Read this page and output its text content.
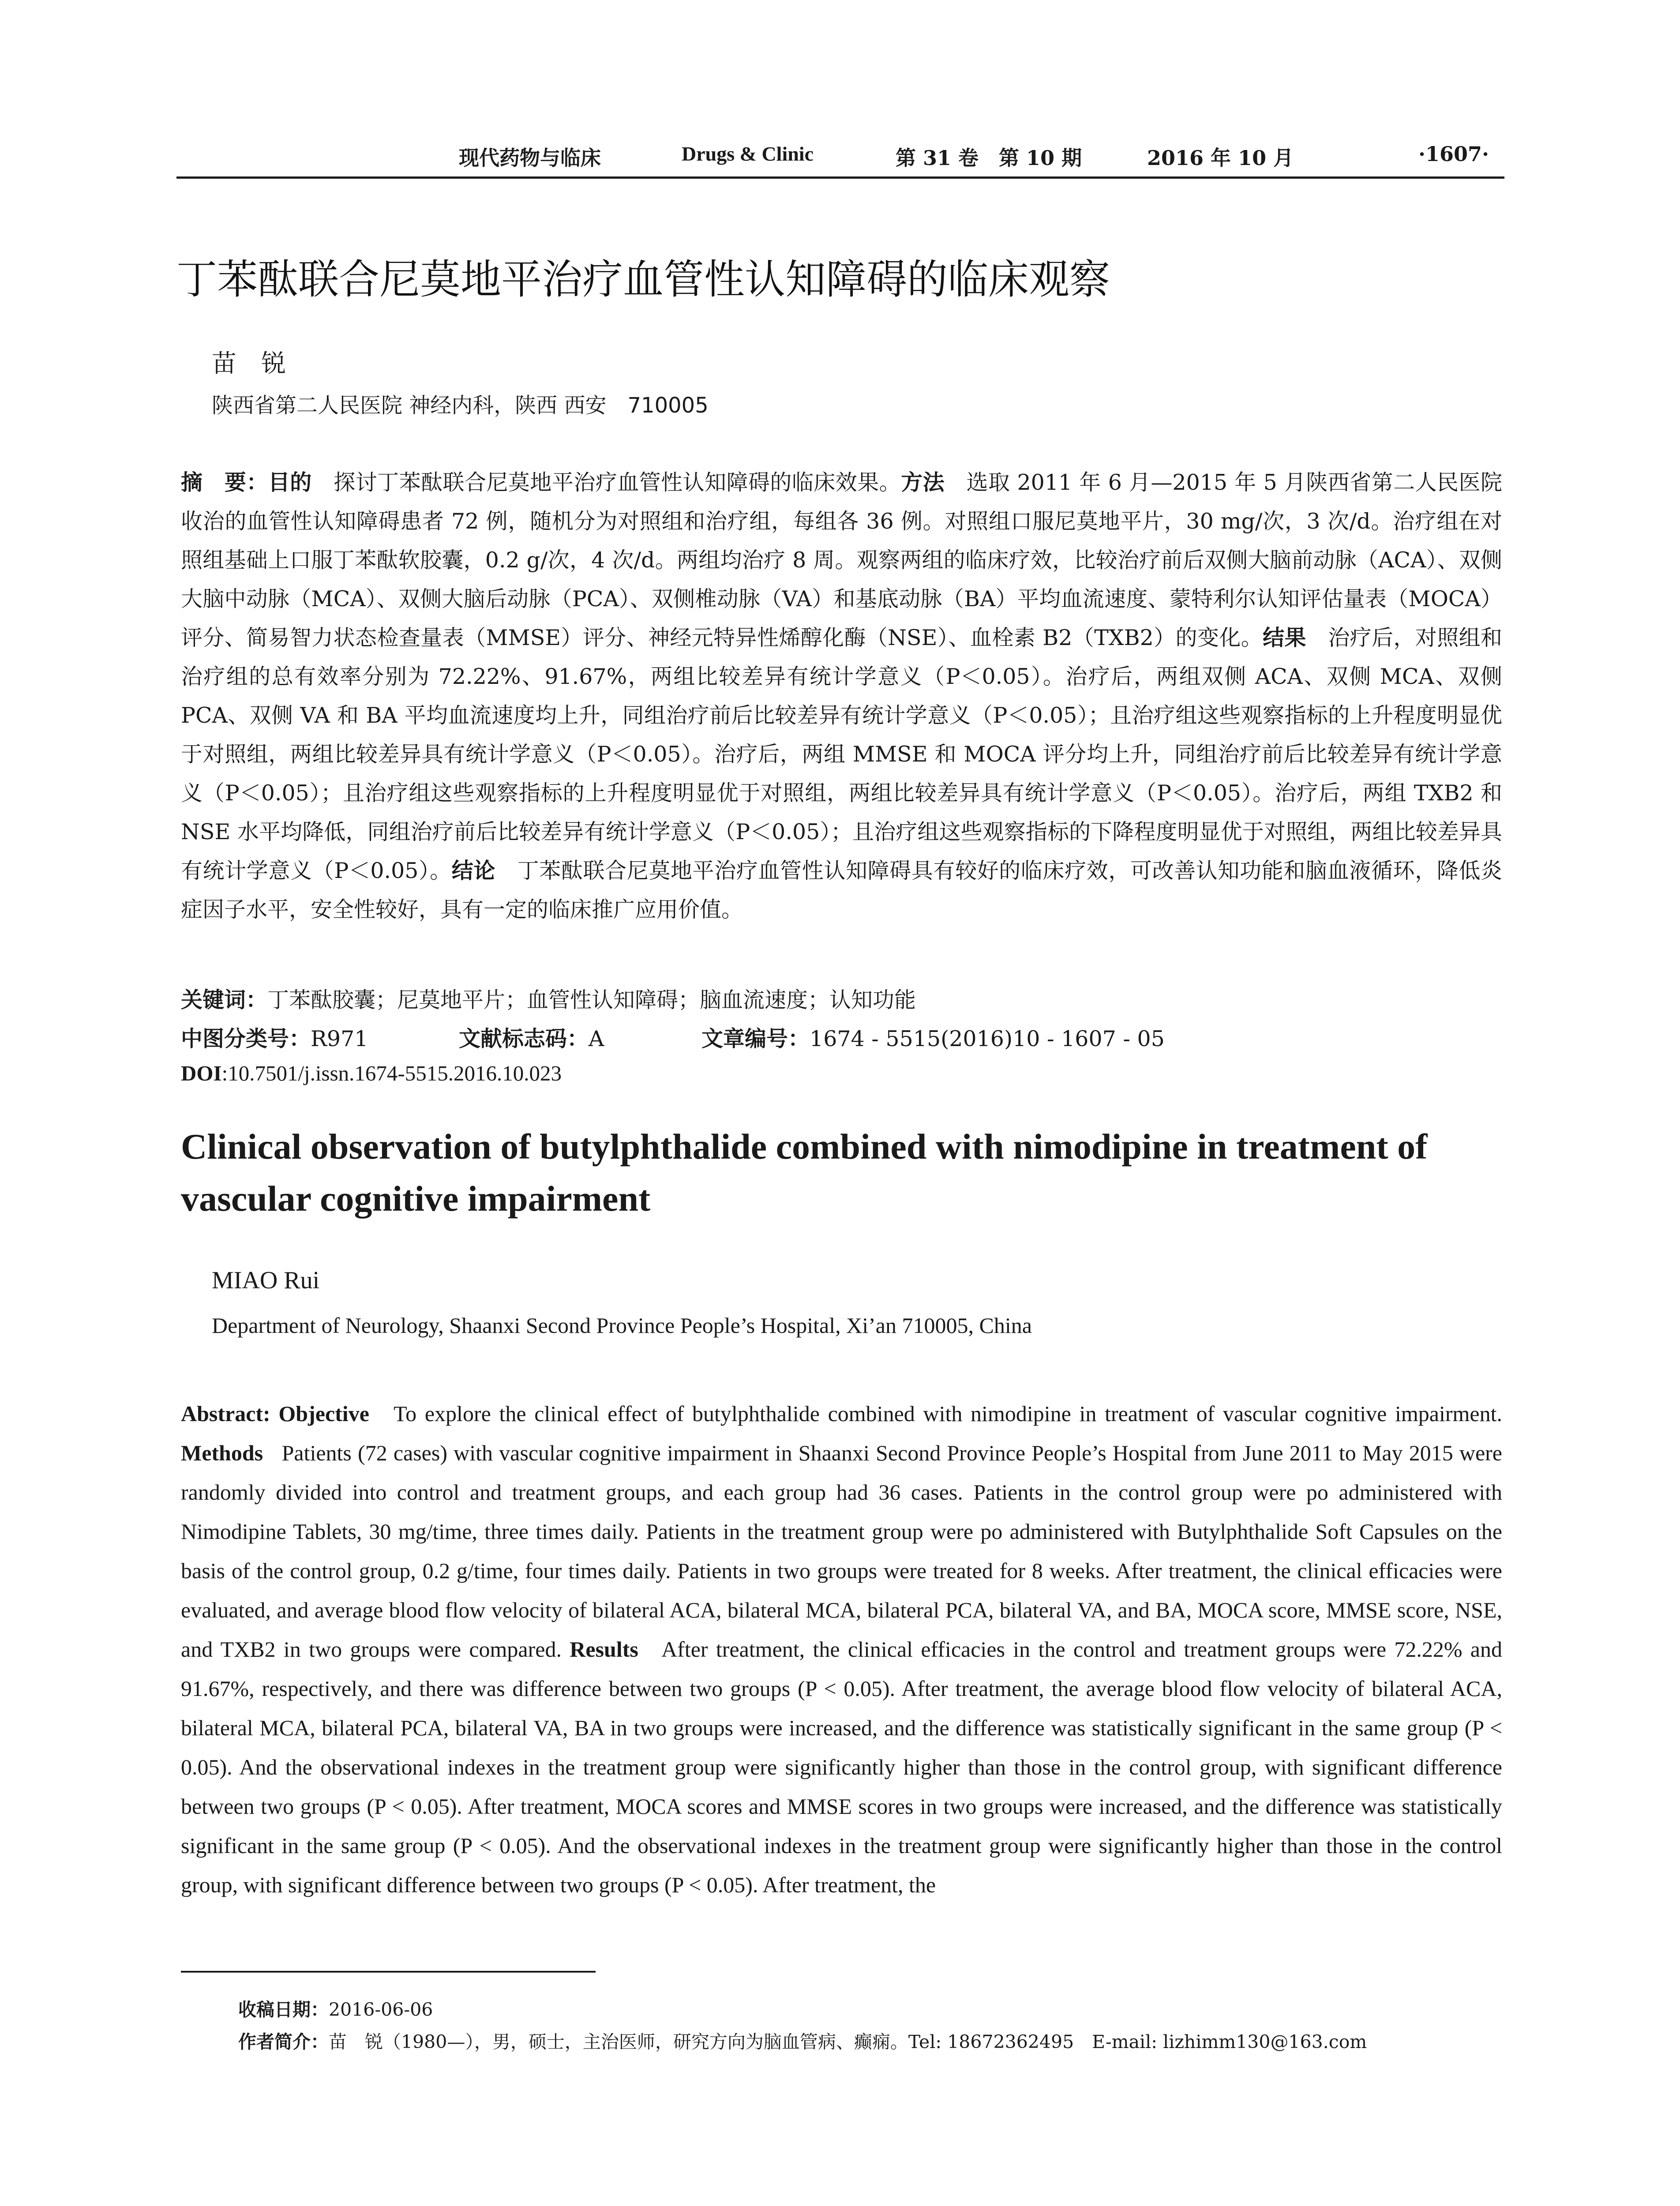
现代药物与临床	Drugs & Clinic	第 31 卷　第 10 期	2016 年 10 月	·1607·
丁苯酞联合尼莫地平治疗血管性认知障碍的临床观察
苗　锐
陕西省第二人民医院 神经内科，陕西 西安　710005
摘　要：目的　 探讨丁苯酞联合尼莫地平治疗血管性认知障碍的临床效果。方法　 选取 2011 年 6 月—2015 年 5 月陕西省第二人民医院收治的血管性认知障碍患者 72 例，随机分为对照组和治疗组，每组各 36 例。对照组口服尼莫地平片，30 mg/次，3 次/d。治疗组在对照组基础上口服丁苯酞软胶囊，0.2 g/次，4 次/d。两组均治疗 8 周。观察两组的临床疗效，比较治疗前后双侧大脑前动脉（ACA）、双侧大脑中动脉（MCA）、双侧大脑后动脉（PCA）、双侧椎动脉（VA）和基底动脉（BA）平均血流速度、蒙特利尔认知评估量表（MOCA）评分、简易智力状态检查量表（MMSE）评分、神经元特异性烯醇化酶（NSE）、血栓素 B2（TXB2）的变化。结果　 治疗后，对照组和治疗组的总有效率分别为 72.22%、91.67%，两组比较差异有统计学意义（P＜0.05）。治疗后，两组双侧 ACA、双侧 MCA、双侧 PCA、双侧 VA 和 BA 平均血流速度均上升，同组治疗前后比较差异有统计学意义（P＜0.05）；且治疗组这些观察指标的上升程度明显优于对照组，两组比较差异具有统计学意义（P＜0.05）。治疗后，两组 MMSE 和 MOCA 评分均上升，同组治疗前后比较差异有统计学意义（P＜0.05）；且治疗组这些观察指标的上升程度明显优于对照组，两组比较差异具有统计学意义（P＜0.05）。治疗后，两组 TXB2 和 NSE 水平均降低，同组治疗前后比较差异有统计学意义（P＜0.05）；且治疗组这些观察指标的下降程度明显优于对照组，两组比较差异具有统计学意义（P＜0.05）。结论　 丁苯酞联合尼莫地平治疗血管性认知障碍具有较好的临床疗效，可改善认知功能和脑血液循环，降低炎症因子水平，安全性较好，具有一定的临床推广应用价值。
关键词：丁苯酞胶囊；尼莫地平片；血管性认知障碍；脑血流速度；认知功能
中图分类号：R971	文献标志码：A	文章编号：1674 - 5515(2016)10 - 1607 - 05
DOI:10.7501/j.issn.1674-5515.2016.10.023
Clinical observation of butylphthalide combined with nimodipine in treatment of vascular cognitive impairment
MIAO Rui
Department of Neurology, Shaanxi Second Province People’s Hospital, Xi’an 710005, China
Abstract: Objective To explore the clinical effect of butylphthalide combined with nimodipine in treatment of vascular cognitive impairment. Methods Patients (72 cases) with vascular cognitive impairment in Shaanxi Second Province People’s Hospital from June 2011 to May 2015 were randomly divided into control and treatment groups, and each group had 36 cases. Patients in the control group were po administered with Nimodipine Tablets, 30 mg/time, three times daily. Patients in the treatment group were po administered with Butylphthalide Soft Capsules on the basis of the control group, 0.2 g/time, four times daily. Patients in two groups were treated for 8 weeks. After treatment, the clinical efficacies were evaluated, and average blood flow velocity of bilateral ACA, bilateral MCA, bilateral PCA, bilateral VA, and BA, MOCA score, MMSE score, NSE, and TXB2 in two groups were compared. Results After treatment, the clinical efficacies in the control and treatment groups were 72.22% and 91.67%, respectively, and there was difference between two groups (P < 0.05). After treatment, the average blood flow velocity of bilateral ACA, bilateral MCA, bilateral PCA, bilateral VA, BA in two groups were increased, and the difference was statistically significant in the same group (P < 0.05). And the observational indexes in the treatment group were significantly higher than those in the control group, with significant difference between two groups (P < 0.05). After treatment, MOCA scores and MMSE scores in two groups were increased, and the difference was statistically significant in the same group (P < 0.05). And the observational indexes in the treatment group were significantly higher than those in the control group, with significant difference between two groups (P < 0.05). After treatment, the
收稿日期：2016-06-06
作者简介：苗　锐（1980—），男，硕士，主治医师，研究方向为脑血管病、癫痫。Tel: 18672362495　E-mail: lizhimm130@163.com
